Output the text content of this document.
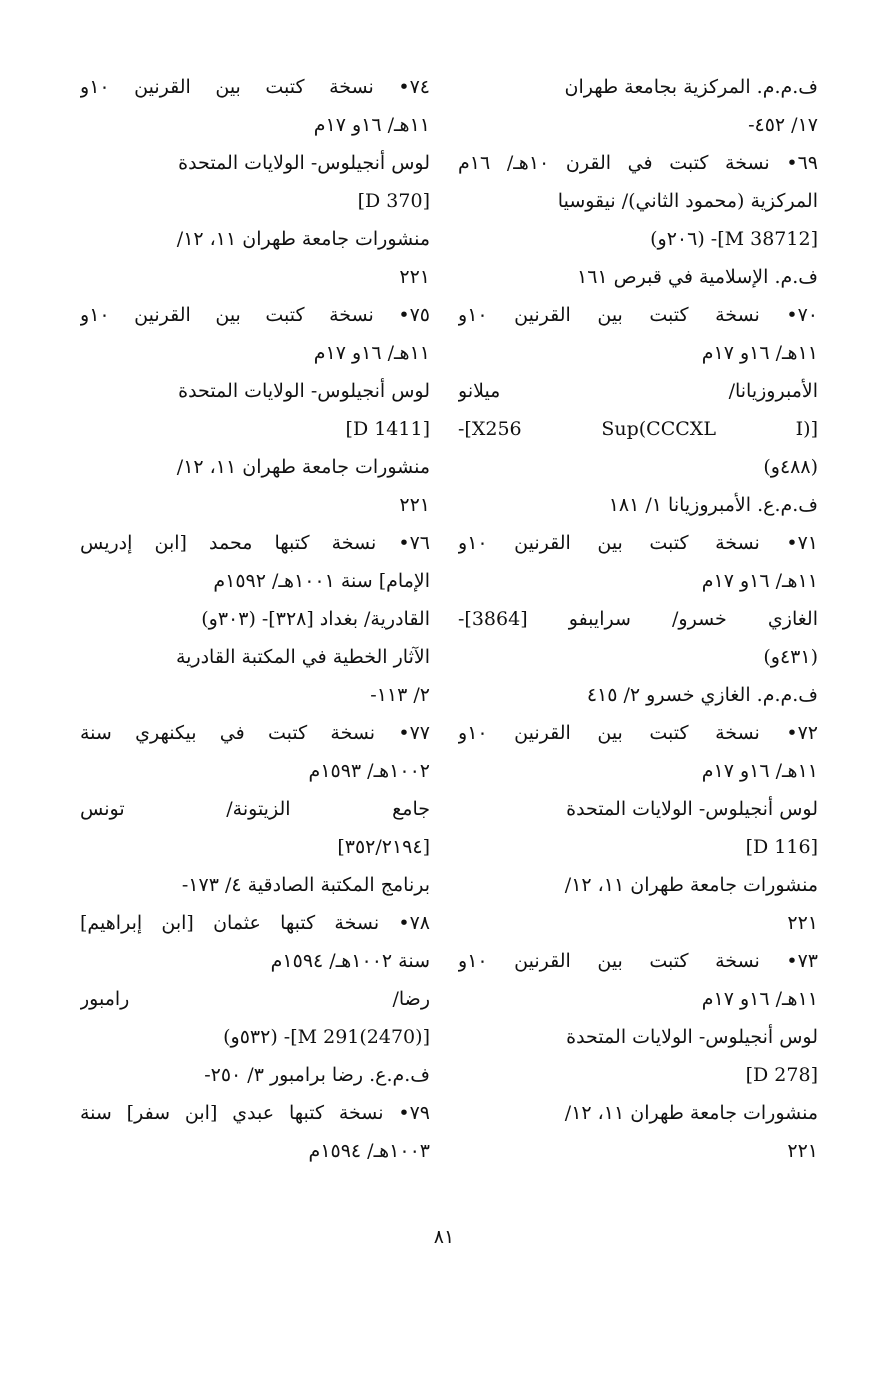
ف.م.م. المركزية بجامعة طهران
١٧/ ٤٥٢-
٦٩• نسخة كتبت في القرن ١٠هـ/ ١٦م
المركزية (محمود الثاني)/ نيقوسيا
[M 38712]- (٢٠٦و)
ف.م. الإسلامية في قبرص ١٦١
٧٠• نسخة كتبت بين القرنين ١٠و
١١هـ/ ١٦و ١٧م
الأمبروزيانا/ ميلانو
[X256 Sup(CCCXL I)]-
(٤٨٨و)
ف.م.ع. الأمبروزيانا ١/ ١٨١
٧١• نسخة كتبت بين القرنين ١٠و
١١هـ/ ١٦و ١٧م
الغازي خسرو/ سرايبفو [3864]-
(٤٣١و)
ف.م.م. الغازي خسرو ٢/ ٤١٥
٧٢• نسخة كتبت بين القرنين ١٠و
١١هـ/ ١٦و ١٧م
لوس أنجيلوس- الولايات المتحدة
[D 116]
منشورات جامعة طهران ١١، ١٢/
٢٢١
٧٣• نسخة كتبت بين القرنين ١٠و
١١هـ/ ١٦و ١٧م
لوس أنجيلوس- الولايات المتحدة
[D 278]
منشورات جامعة طهران ١١، ١٢/
٢٢١
٧٤• نسخة كتبت بين القرنين ١٠و
١١هـ/ ١٦و ١٧م
لوس أنجيلوس- الولايات المتحدة
[D 370]
منشورات جامعة طهران ١١، ١٢/
٢٢١
٧٥• نسخة كتبت بين القرنين ١٠و
١١هـ/ ١٦و ١٧م
لوس أنجيلوس- الولايات المتحدة
[D 1411]
منشورات جامعة طهران ١١، ١٢/
٢٢١
٧٦• نسخة كتبها محمد [ابن إدريس
الإمام] سنة ١٠٠١هـ/ ١٥٩٢م
القادرية/ بغداد [٣٢٨]- (٣٠٣و)
الآثار الخطية في المكتبة القادرية
٢/ ١١٣-
٧٧• نسخة كتبت في بيكنهري سنة
١٠٠٢هـ/ ١٥٩٣م
جامع الزيتونة/ تونس
[٣٥٢/٢١٩٤]
برنامج المكتبة الصادقية ٤/ ١٧٣-
٧٨• نسخة كتبها عثمان [ابن إبراهيم]
سنة ١٠٠٢هـ/ ١٥٩٤م
رضا/ رامبور
[M 291(2470)]- (٥٣٢و)
ف.م.ع. رضا برامبور ٣/ ٢٥٠-
٧٩• نسخة كتبها عبدي [ابن سفر] سنة
١٠٠٣هـ/ ١٥٩٤م
٨١
